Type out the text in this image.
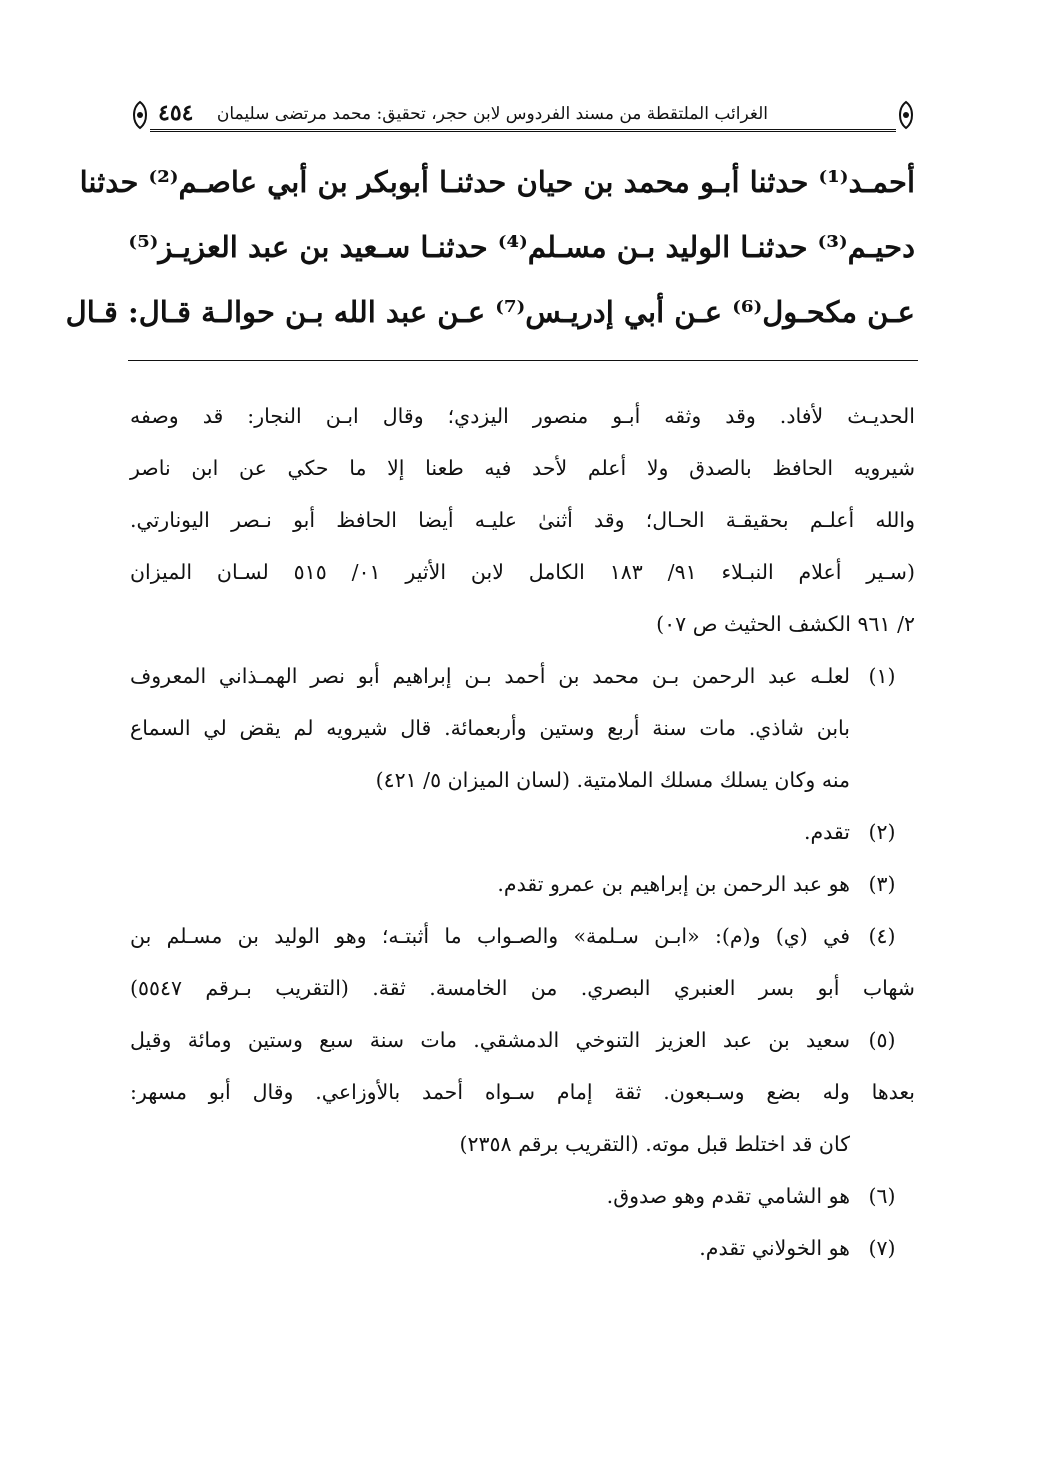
الغرائب الملتقطة من مسند الفردوس لابن حجر، تحقيق: محمد مرتضى سليمان
٤٥٤
أحمـد⁽¹⁾ حدثنا أبـو محمد بن حيان حدثنـا أبوبكر بن أبي عاصـم⁽²⁾ حدثنا
دحيـم⁽³⁾ حدثنـا الوليد بـن مسـلم⁽⁴⁾ حدثنـا سـعيد بن عبد العزيـز⁽⁵⁾
عـن مكحـول⁽⁶⁾ عـن أبي إدريـس⁽⁷⁾ عـن عبد الله بـن حوالـة قـال: قـال
الحديـث لأفاد. وقد وثقه أبـو منصور اليزدي؛ وقال ابـن النجار: قد وصفه
شيرويه الحافظ بالصدق ولا أعلم لأحد فيه طعنا إلا ما حكي عن ابن ناصر
والله أعلـم بحقيقـة الحـال؛ وقد أثنىٰ عليـه أيضا الحافظ أبو نـصر اليونارتي.
(سـير أعلام النبـلاء ٩١/ ١٨٣ الكامل لابن الأثير ٠١/ ٥١٥ لسـان الميزان
٢/ ٩٦١ الكشف الحثيث ص ٠٧)
(١)
لعلـه عبد الرحمن بـن محمد بن أحمد بـن إبراهيم أبو نصر الهمـذاني المعروف
بابن شاذي. مات سنة أربع وستين وأربعمائة. قال شيرويه لم يقض لي السماع
منه وكان يسلك مسلك الملامتية. (لسان الميزان ٥/ ٤٢١)
(٢)
تقدم.
(٣)
هو عبد الرحمن بن إبراهيم بن عمرو تقدم.
(٤)
في (ي) و(م): «ابـن سـلمة» والصـواب ما أثبتـه؛ وهو الوليد بن مسـلم بن
شهاب أبو بسر العنبري البصري. من الخامسة. ثقة. (التقريب بـرقم ٥٥٤٧)
(٥)
سعيد بن عبد العزيز التنوخي الدمشقي. مات سنة سبع وستين ومائة وقيل
بعدها وله بضع وسـبعون. ثقة إمام سـواه أحمد بالأوزاعي. وقال أبو مسهر:
كان قد اختلط قبل موته. (التقريب برقم ٢٣٥٨)
(٦)
هو الشامي تقدم وهو صدوق.
(٧)
هو الخولاني تقدم.
